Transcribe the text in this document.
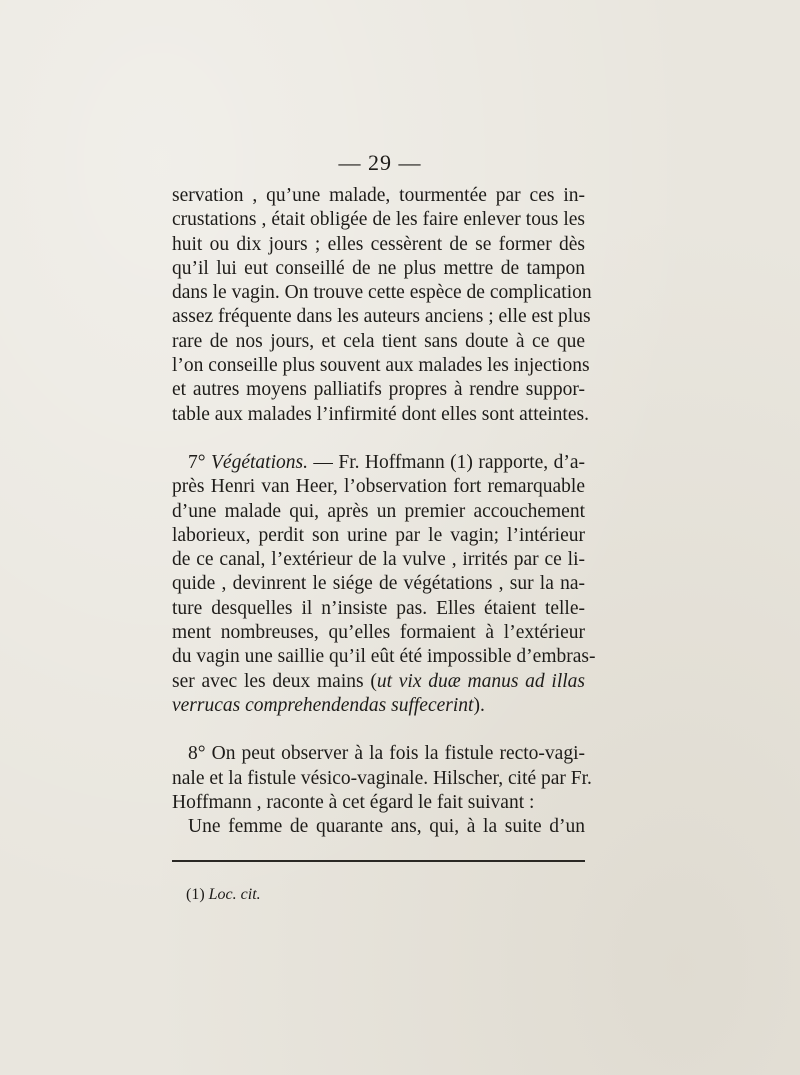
— 29 —
servation , qu’une malade, tourmentée par ces in-
crustations , était obligée de les faire enlever tous les
huit ou dix jours ; elles cessèrent de se former dès
qu’il lui eut conseillé de ne plus mettre de tampon
dans le vagin. On trouve cette espèce de complication
assez fréquente dans les auteurs anciens ; elle est plus
rare de nos jours, et cela tient sans doute à ce que
l’on conseille plus souvent aux malades les injections
et autres moyens palliatifs propres à rendre suppor-
table aux malades l’infirmité dont elles sont atteintes.
7° Végétations. — Fr. Hoffmann (1) rapporte, d’a-
près Henri van Heer, l’observation fort remarquable
d’une malade qui, après un premier accouchement
laborieux, perdit son urine par le vagin; l’intérieur
de ce canal, l’extérieur de la vulve , irrités par ce li-
quide , devinrent le siége de végétations , sur la na-
ture desquelles il n’insiste pas. Elles étaient telle-
ment nombreuses, qu’elles formaient à l’extérieur
du vagin une saillie qu’il eût été impossible d’embras-
ser avec les deux mains (ut vix duæ manus ad illas
verrucas comprehendendas suffecerint).
8° On peut observer à la fois la fistule recto-vagi-
nale et la fistule vésico-vaginale. Hilscher, cité par Fr.
Hoffmann , raconte à cet égard le fait suivant :
Une femme de quarante ans, qui, à la suite d’un
(1) Loc. cit.
